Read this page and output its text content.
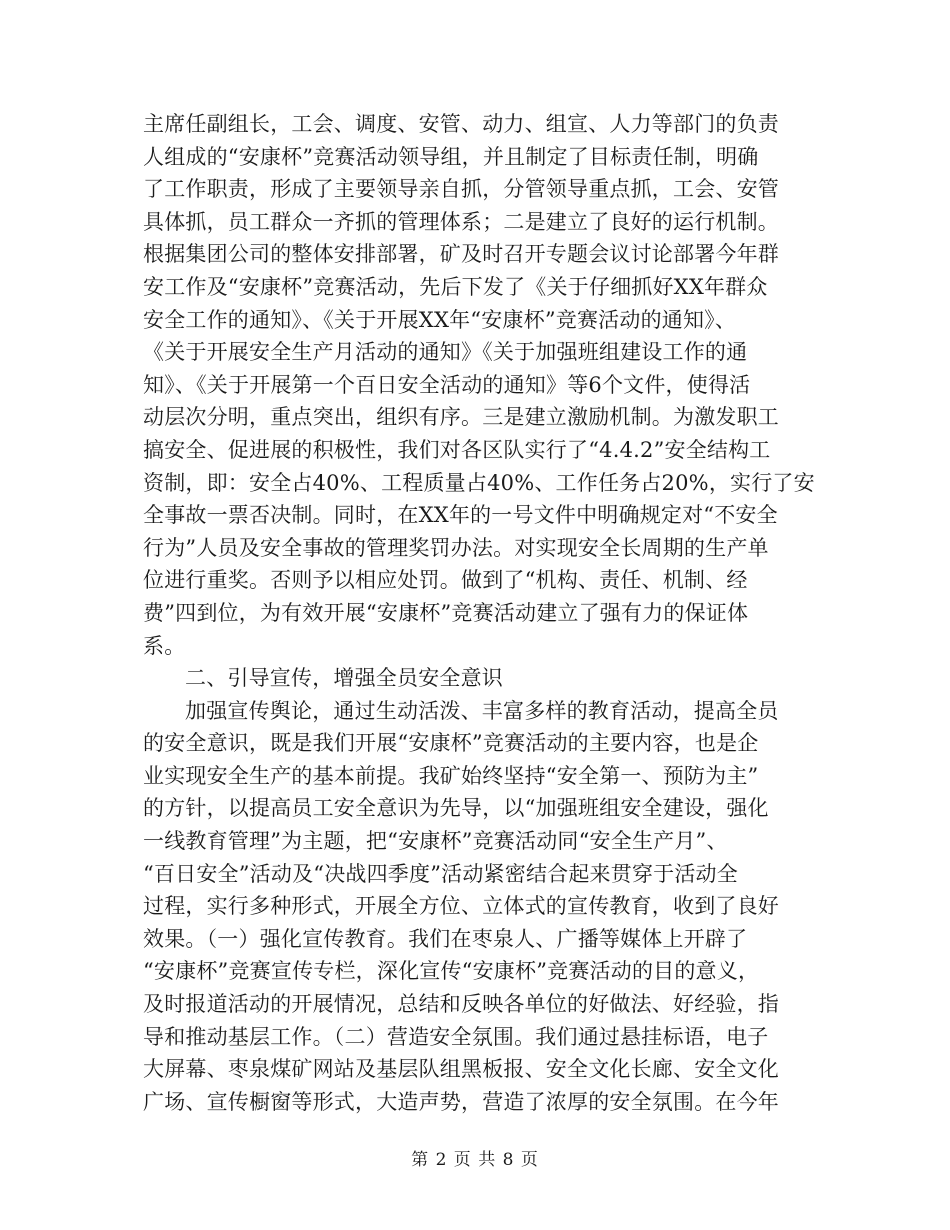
主席任副组长，工会、调度、安管、动力、组宣、人力等部门的负责
人组成的“安康杯”竞赛活动领导组，并且制定了目标责任制，明确
了工作职责，形成了主要领导亲自抓，分管领导重点抓，工会、安管
具体抓，员工群众一齐抓的管理体系；二是建立了良好的运行机制。
根据集团公司的整体安排部署，矿及时召开专题会议讨论部署今年群
安工作及“安康杯”竞赛活动，先后下发了《关于仔细抓好XX年群众
安全工作的通知》、《关于开展XX年“安康杯”竞赛活动的通知》、
《关于开展安全生产月活动的通知》《关于加强班组建设工作的通
知》、《关于开展第一个百日安全活动的通知》等6个文件，使得活
动层次分明，重点突出，组织有序。三是建立激励机制。为激发职工
搞安全、促进展的积极性，我们对各区队实行了“4.4.2”安全结构工
资制，即：安全占40%、工程质量占40%、工作任务占20%，实行了安
全事故一票否决制。同时，在XX年的一号文件中明确规定对“不安全
行为”人员及安全事故的管理奖罚办法。对实现安全长周期的生产单
位进行重奖。否则予以相应处罚。做到了“机构、责任、机制、经
费”四到位，为有效开展“安康杯”竞赛活动建立了强有力的保证体
系。
二、引导宣传，增强全员安全意识
加强宣传舆论，通过生动活泼、丰富多样的教育活动，提高全员
的安全意识，既是我们开展“安康杯”竞赛活动的主要内容，也是企
业实现安全生产的基本前提。我矿始终坚持“安全第一、预防为主”
的方针，以提高员工安全意识为先导，以“加强班组安全建设，强化
一线教育管理”为主题，把“安康杯”竞赛活动同“安全生产月”、
“百日安全”活动及“决战四季度”活动紧密结合起来贯穿于活动全
过程，实行多种形式，开展全方位、立体式的宣传教育，收到了良好
效果。（一）强化宣传教育。我们在枣泉人、广播等媒体上开辟了
“安康杯”竞赛宣传专栏，深化宣传“安康杯”竞赛活动的目的意义，
及时报道活动的开展情况，总结和反映各单位的好做法、好经验，指
导和推动基层工作。（二）营造安全氛围。我们通过悬挂标语，电子
大屏幕、枣泉煤矿网站及基层队组黑板报、安全文化长廊、安全文化
广场、宣传橱窗等形式，大造声势，营造了浓厚的安全氛围。在今年
第 2 页 共 8 页
